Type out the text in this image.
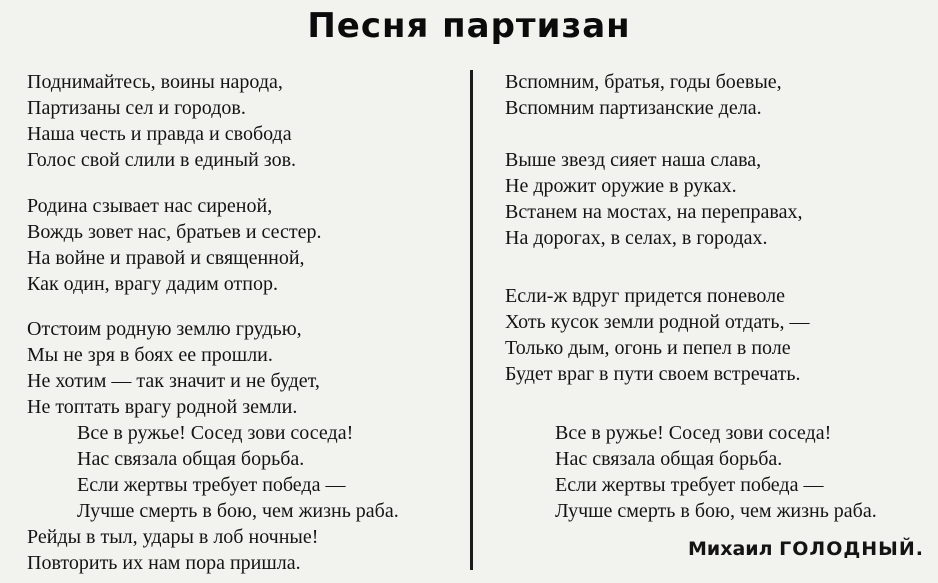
Песня партизан
Поднимайтесь, воины народа,
Партизаны сел и городов.
Наша честь и правда и свобода
Голос свой слили в единый зов.
Родина сзывает нас сиреной,
Вождь зовет нас, братьев и сестер.
На войне и правой и священной,
Как один, врагу дадим отпор.
Отстоим родную землю грудью,
Мы не зря в боях ее прошли.
Не хотим — так значит и не будет,
Не топтать врагу родной земли.
Все в ружье! Сосед зови соседа!
Нас связала общая борьба.
Если жертвы требует победа —
Лучше смерть в бою, чем жизнь раба.
Рейды в тыл, удары в лоб ночные!
Повторить их нам пора пришла.
Вспомним, братья, годы боевые,
Вспомним партизанские дела.
Выше звезд сияет наша слава,
Не дрожит оружие в руках.
Встанем на мостах, на переправах,
На дорогах, в селах, в городах.
Если-ж вдруг придется поневоле
Хоть кусок земли родной отдать, —
Только дым, огонь и пепел в поле
Будет враг в пути своем встречать.
Все в ружье! Сосед зови соседа!
Нас связала общая борьба.
Если жертвы требует победа —
Лучше смерть в бою, чем жизнь раба.
Михаил ГОЛОДНЫЙ.
